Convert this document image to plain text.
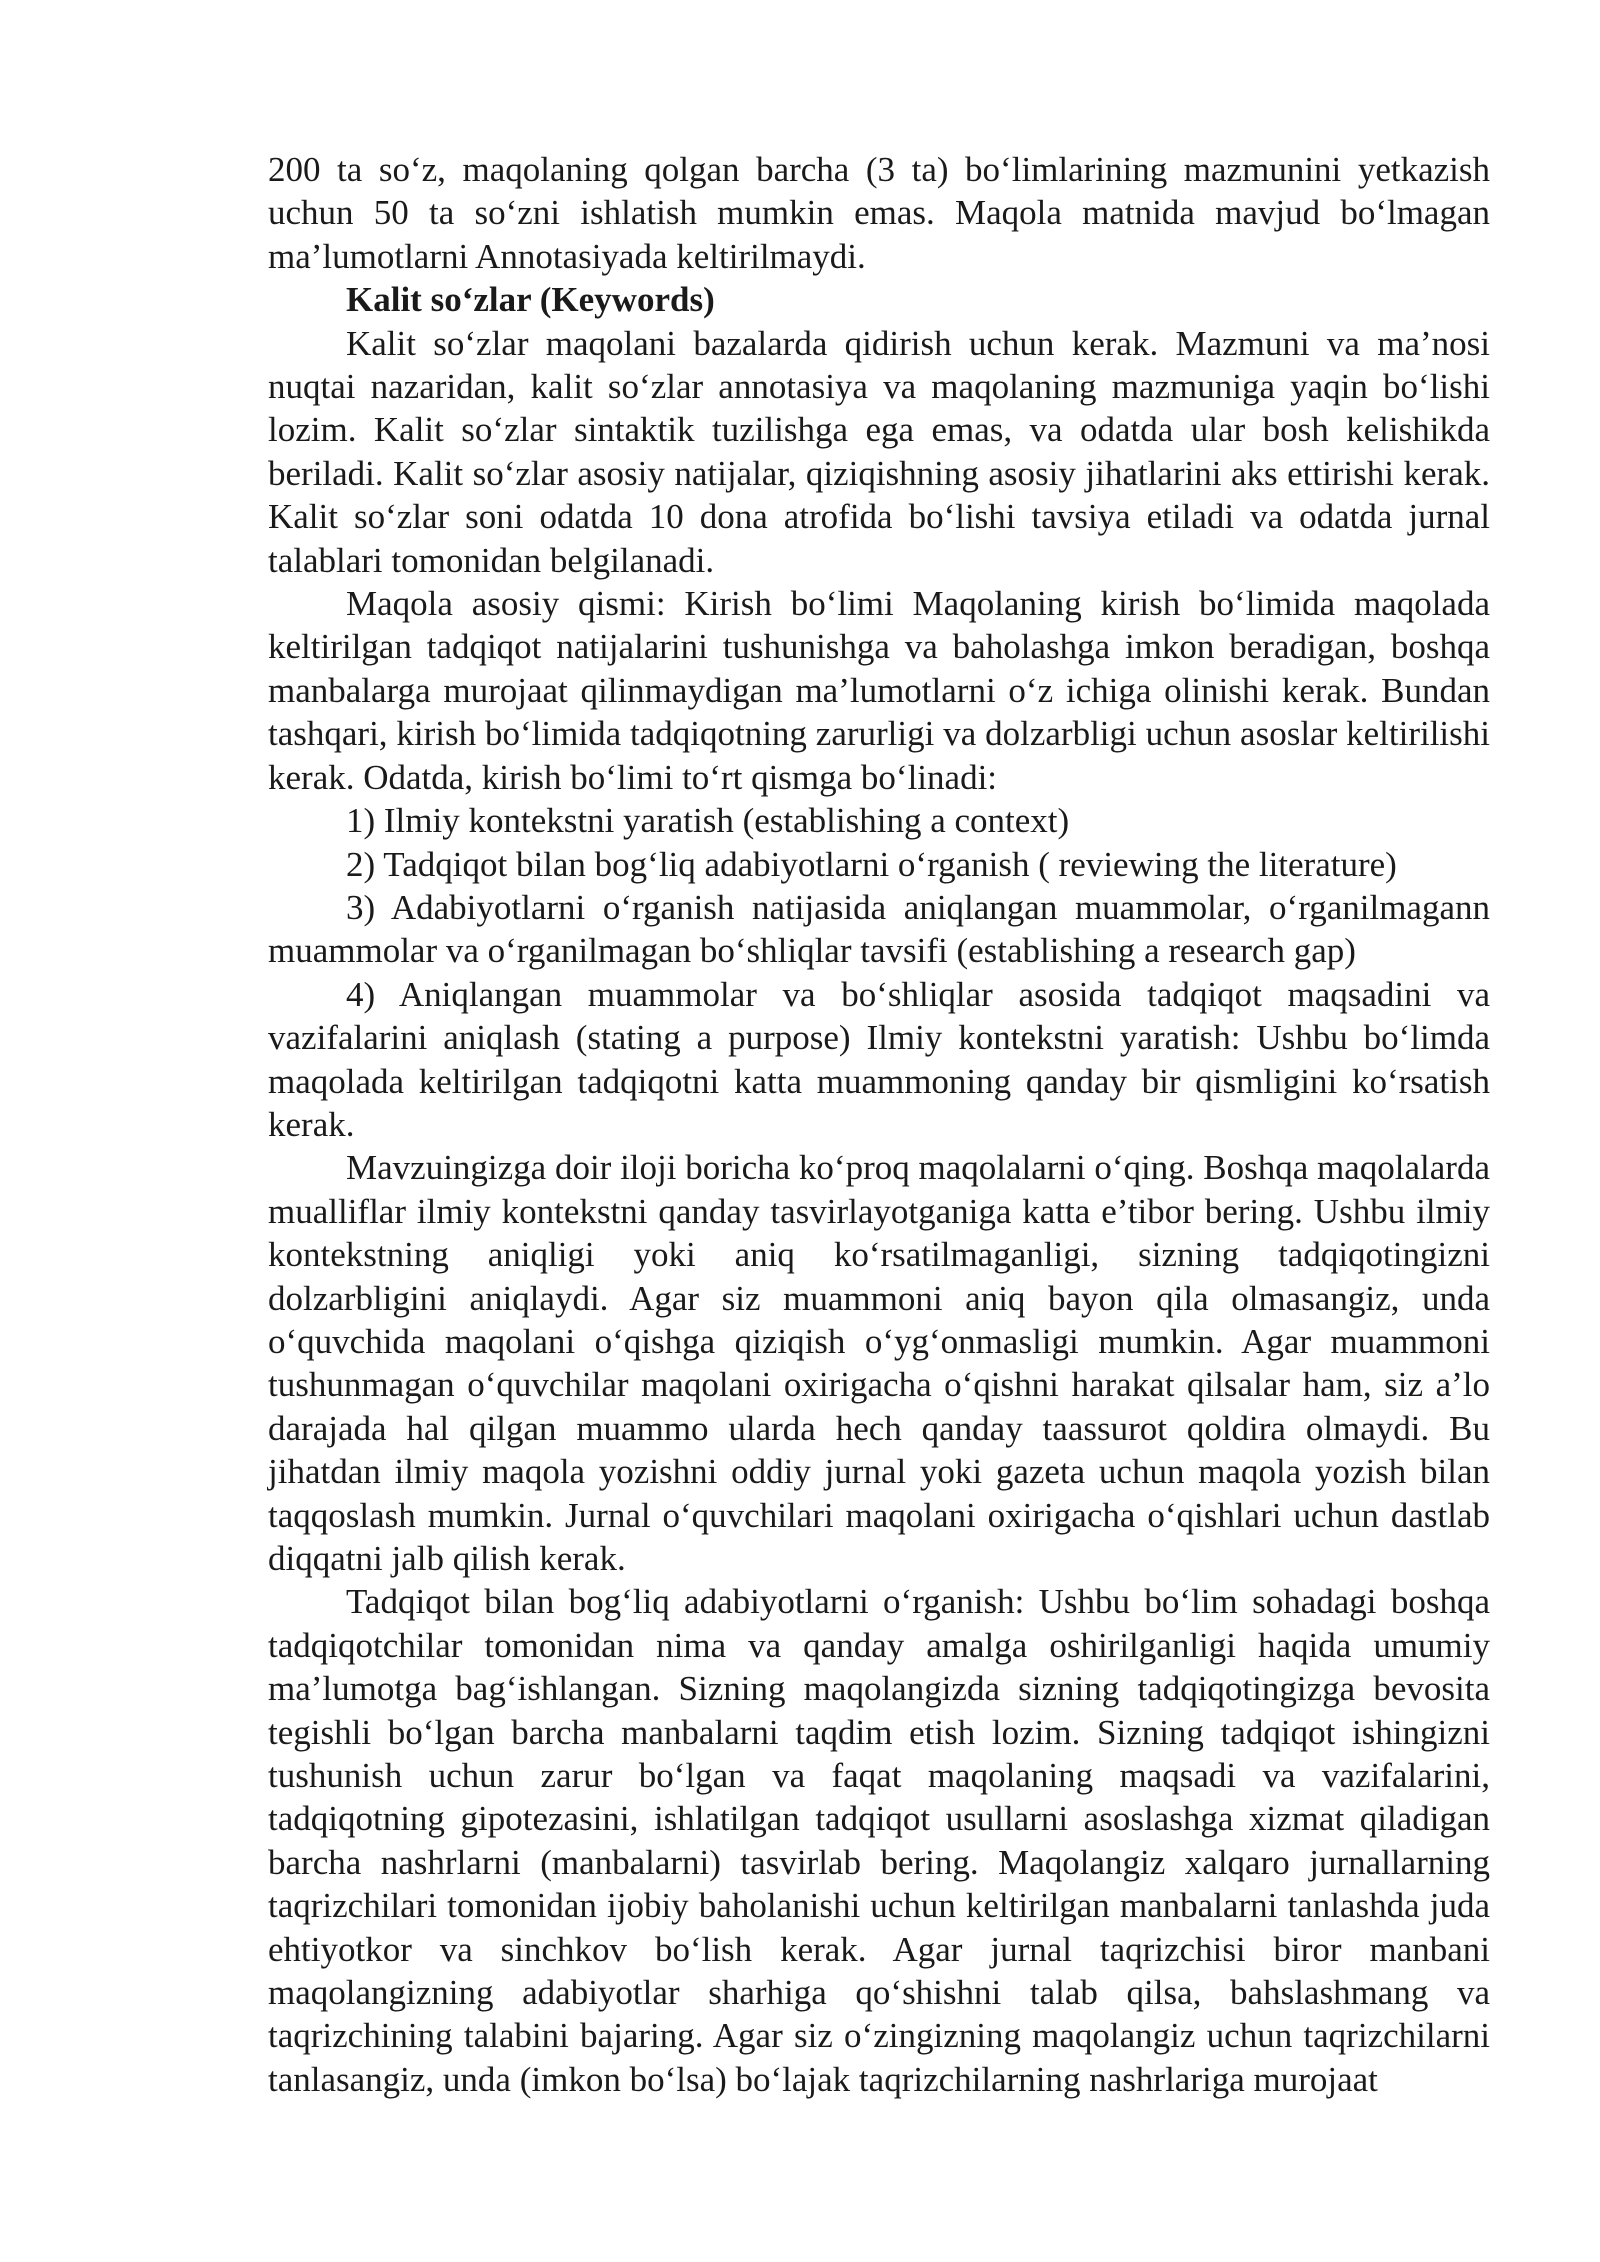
200 ta so‘z, maqolaning qolgan barcha (3 ta) bo‘limlarining mazmunini yetkazish uchun 50 ta so‘zni ishlatish mumkin emas. Maqola matnida mavjud bo‘lmagan ma’lumotlarni Annotasiyada keltirilmaydi.

Kalit so‘zlar (Keywords)

Kalit so‘zlar maqolani bazalarda qidirish uchun kerak. Mazmuni va ma’nosi nuqtai nazaridan, kalit so‘zlar annotasiya va maqolaning mazmuniga yaqin bo‘lishi lozim. Kalit so‘zlar sintaktik tuzilishga ega emas, va odatda ular bosh kelishikda beriladi. Kalit so‘zlar asosiy natijalar, qiziqishning asosiy jihatlarini aks ettirishi kerak. Kalit so‘zlar soni odatda 10 dona atrofida bo‘lishi tavsiya etiladi va odatda jurnal talablari tomonidan belgilanadi.

Maqola asosiy qismi: Kirish bo‘limi Maqolaning kirish bo‘limida maqolada keltirilgan tadqiqot natijalarini tushunishga va baholashga imkon beradigan, boshqa manbalarga murojaat qilinmaydigan ma’lumotlarni o‘z ichiga olinishi kerak. Bundan tashqari, kirish bo‘limida tadqiqotning zarurligi va dolzarbligi uchun asoslar keltirilishi kerak. Odatda, kirish bo‘limi to‘rt qismga bo‘linadi:

1) Ilmiy kontekstni yaratish (establishing a context)

2) Tadqiqot bilan bog‘liq adabiyotlarni o‘rganish ( reviewing the literature)

3) Adabiyotlarni o‘rganish natijasida aniqlangan muammolar, o‘rganilmagann muammolar va o‘rganilmagan bo‘shliqlar tavsifi (establishing a research gap)

4) Aniqlangan muammolar va bo‘shliqlar asosida tadqiqot maqsadini va vazifalarini aniqlash (stating a purpose) Ilmiy kontekstni yaratish: Ushbu bo‘limda maqolada keltirilgan tadqiqotni katta muammoning qanday bir qismligini ko‘rsatish kerak.

Mavzuingizga doir iloji boricha ko‘proq maqolalarni o‘qing. Boshqa maqolalarda mualliflar ilmiy kontekstni qanday tasvirlayotganiga katta e’tibor bering. Ushbu ilmiy kontekstning aniqligi yoki aniq ko‘rsatilmaganligi, sizning tadqiqotingizni dolzarbligini aniqlaydi. Agar siz muammoni aniq bayon qila olmasangiz, unda o‘quvchida maqolani o‘qishga qiziqish o‘yg‘onmasligi mumkin. Agar muammoni tushunmagan o‘quvchilar maqolani oxirigacha o‘qishni harakat qilsalar ham, siz a’lo darajada hal qilgan muammo ularda hech qanday taassurot qoldira olmaydi. Bu jihatdan ilmiy maqola yozishni oddiy jurnal yoki gazeta uchun maqola yozish bilan taqqoslash mumkin. Jurnal o‘quvchilari maqolani oxirigacha o‘qishlari uchun dastlab diqqatni jalb qilish kerak.

Tadqiqot bilan bog‘liq adabiyotlarni o‘rganish: Ushbu bo‘lim sohadagi boshqa tadqiqotchilar tomonidan nima va qanday amalga oshirilganligi haqida umumiy ma’lumotga bag‘ishlangan. Sizning maqolangizda sizning tadqiqotingizga bevosita tegishli bo‘lgan barcha manbalarni taqdim etish lozim. Sizning tadqiqot ishingizni tushunish uchun zarur bo‘lgan va faqat maqolaning maqsadi va vazifalarini, tadqiqotning gipotezasini, ishlatilgan tadqiqot usullarni asoslashga xizmat qiladigan barcha nashrlarni (manbalarni) tasvirlab bering. Maqolangiz xalqaro jurnallarning taqrizchilari tomonidan ijobiy baholanishi uchun keltirilgan manbalarni tanlashda juda ehtiyotkor va sinchkov bo‘lish kerak. Agar jurnal taqrizchisi biror manbani maqolangizning adabiyotlar sharhiga qo‘shishni talab qilsa, bahslashmang va taqrizchining talabini bajaring. Agar siz o‘zingizning maqolangiz uchun taqrizchilarni tanlasangiz, unda (imkon bo‘lsa) bo‘lajak taqrizchilarning nashrlariga murojaat
